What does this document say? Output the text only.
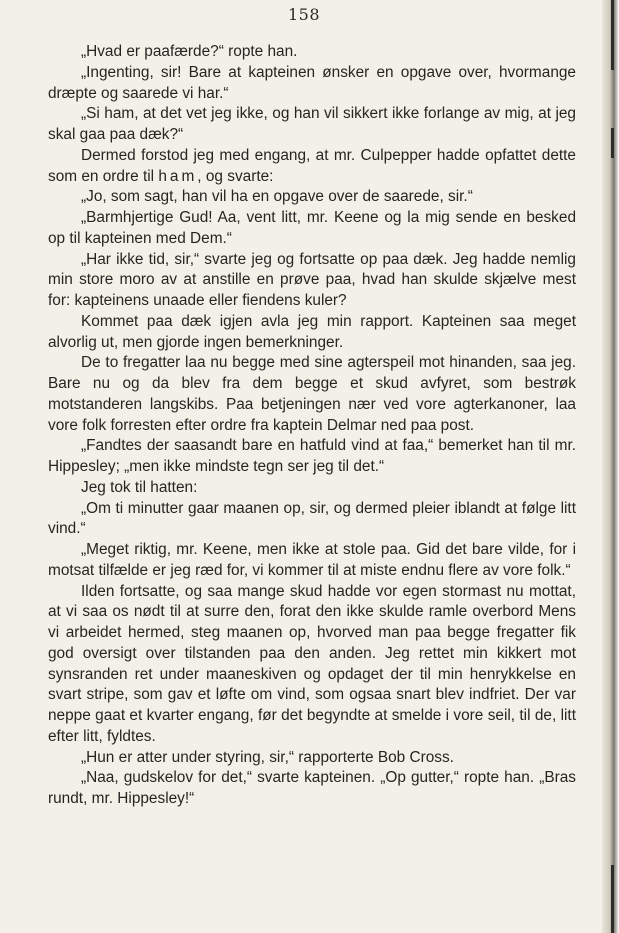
158

„Hvad er paafærde?“ ropte han.

„Ingenting, sir! Bare at kapteinen ønsker en opgave over, hvormange dræpte og saarede vi har.“

„Si ham, at det vet jeg ikke, og han vil sikkert ikke forlange av mig, at jeg skal gaa paa dæk?“

Dermed forstod jeg med engang, at mr. Culpepper hadde opfattet dette som en ordre til ham, og svarte:

„Jo, som sagt, han vil ha en opgave over de saarede, sir.“

„Barmhjertige Gud! Aa, vent litt, mr. Keene og la mig sende en besked op til kapteinen med Dem.“

„Har ikke tid, sir,“ svarte jeg og fortsatte op paa dæk. Jeg hadde nemlig min store moro av at anstille en prøve paa, hvad han skulde skjælve mest for: kapteinens unaade eller fiendens kuler?

Kommet paa dæk igjen avla jeg min rapport. Kapteinen saa meget alvorlig ut, men gjorde ingen bemerkninger.

De to fregatter laa nu begge med sine agterspeil mot hinanden, saa jeg. Bare nu og da blev fra dem begge et skud avfyret, som bestrøk motstanderen langskibs. Paa betjeningen nær ved vore agterkanoner, laa vore folk forresten efter ordre fra kaptein Delmar ned paa post.

„Fandtes der saasandt bare en hatfuld vind at faa,“ bemerket han til mr. Hippesley; „men ikke mindste tegn ser jeg til det.“

Jeg tok til hatten:

„Om ti minutter gaar maanen op, sir, og dermed pleier iblandt at følge litt vind.“

„Meget riktig, mr. Keene, men ikke at stole paa. Gid det bare vilde, for i motsat tilfælde er jeg ræd for, vi kommer til at miste endnu flere av vore folk.“

Ilden fortsatte, og saa mange skud hadde vor egen stormast nu mottat, at vi saa os nødt til at surre den, forat den ikke skulde ramle overbord Mens vi arbeidet hermed, steg maanen op, hvorved man paa begge fregatter fik god oversigt over tilstanden paa den anden. Jeg rettet min kikkert mot synsranden ret under maaneskiven og opdaget der til min henrykkelse en svart stripe, som gav et løfte om vind, som ogsaa snart blev indfriet. Der var neppe gaat et kvarter engang, før det begyndte at smelde i vore seil, til de, litt efter litt, fyldtes.

„Hun er atter under styring, sir,“ rapporterte Bob Cross.

„Naa, gudskelov for det,“ svarte kapteinen. „Op gutter,“ ropte han. „Bras rundt, mr. Hippesley!“
